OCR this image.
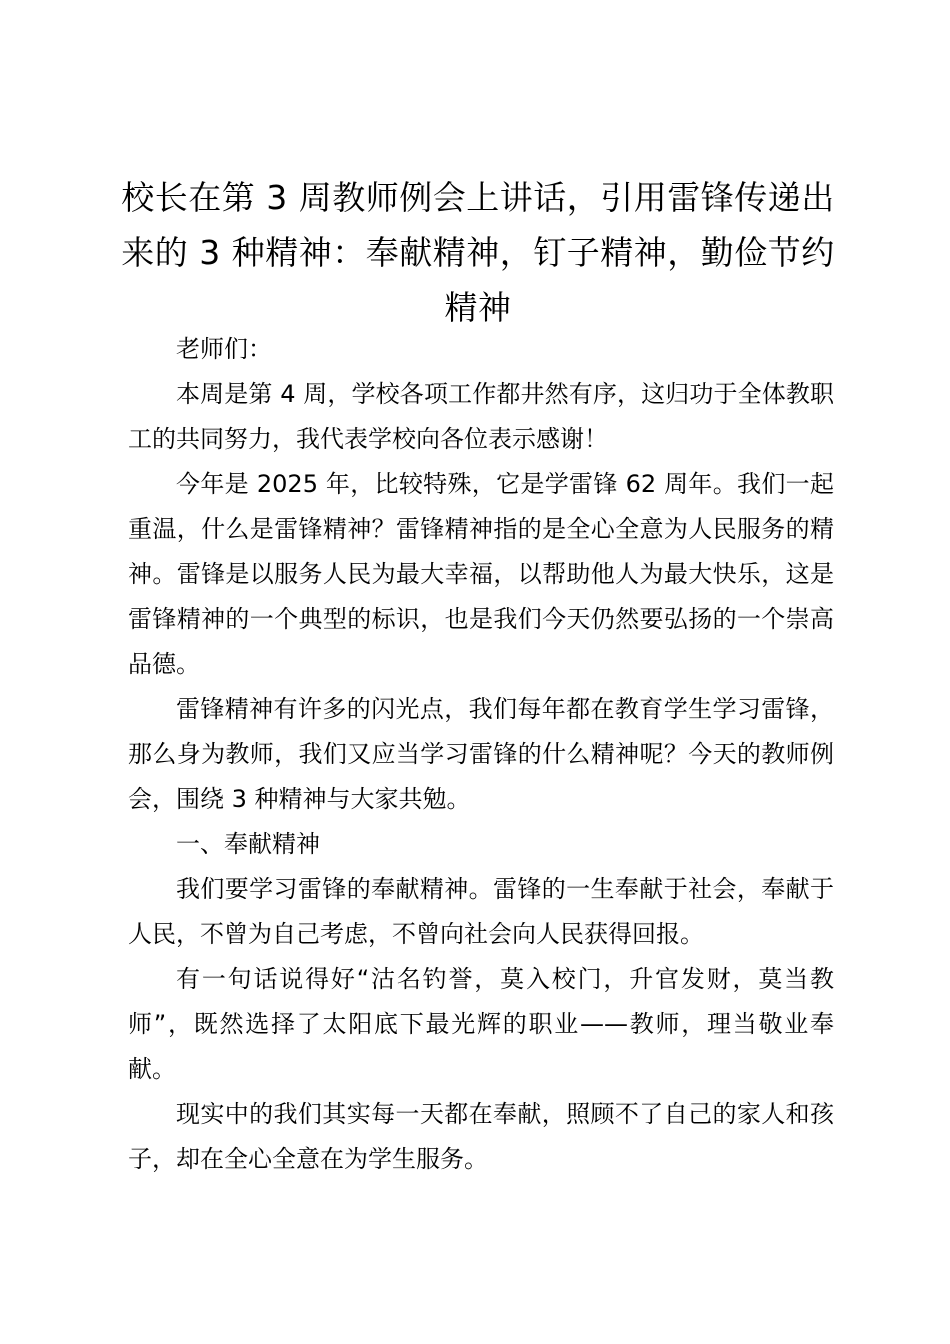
校长在第 3 周教师例会上讲话，引用雷锋传递出来的 3 种精神：奉献精神，钉子精神，勤俭节约精神

老师们：

本周是第 4 周，学校各项工作都井然有序，这归功于全体教职工的共同努力，我代表学校向各位表示感谢！

今年是 2025 年，比较特殊，它是学雷锋 62 周年。我们一起重温，什么是雷锋精神？雷锋精神指的是全心全意为人民服务的精神。雷锋是以服务人民为最大幸福，以帮助他人为最大快乐，这是雷锋精神的一个典型的标识，也是我们今天仍然要弘扬的一个崇高品德。

雷锋精神有许多的闪光点，我们每年都在教育学生学习雷锋，那么身为教师，我们又应当学习雷锋的什么精神呢？今天的教师例会，围绕 3 种精神与大家共勉。

一、奉献精神

我们要学习雷锋的奉献精神。雷锋的一生奉献于社会，奉献于人民，不曾为自己考虑，不曾向社会向人民获得回报。

有一句话说得好“沽名钓誉，莫入校门，升官发财，莫当教师”，既然选择了太阳底下最光辉的职业——教师，理当敬业奉献。

现实中的我们其实每一天都在奉献，照顾不了自己的家人和孩子，却在全心全意在为学生服务。
